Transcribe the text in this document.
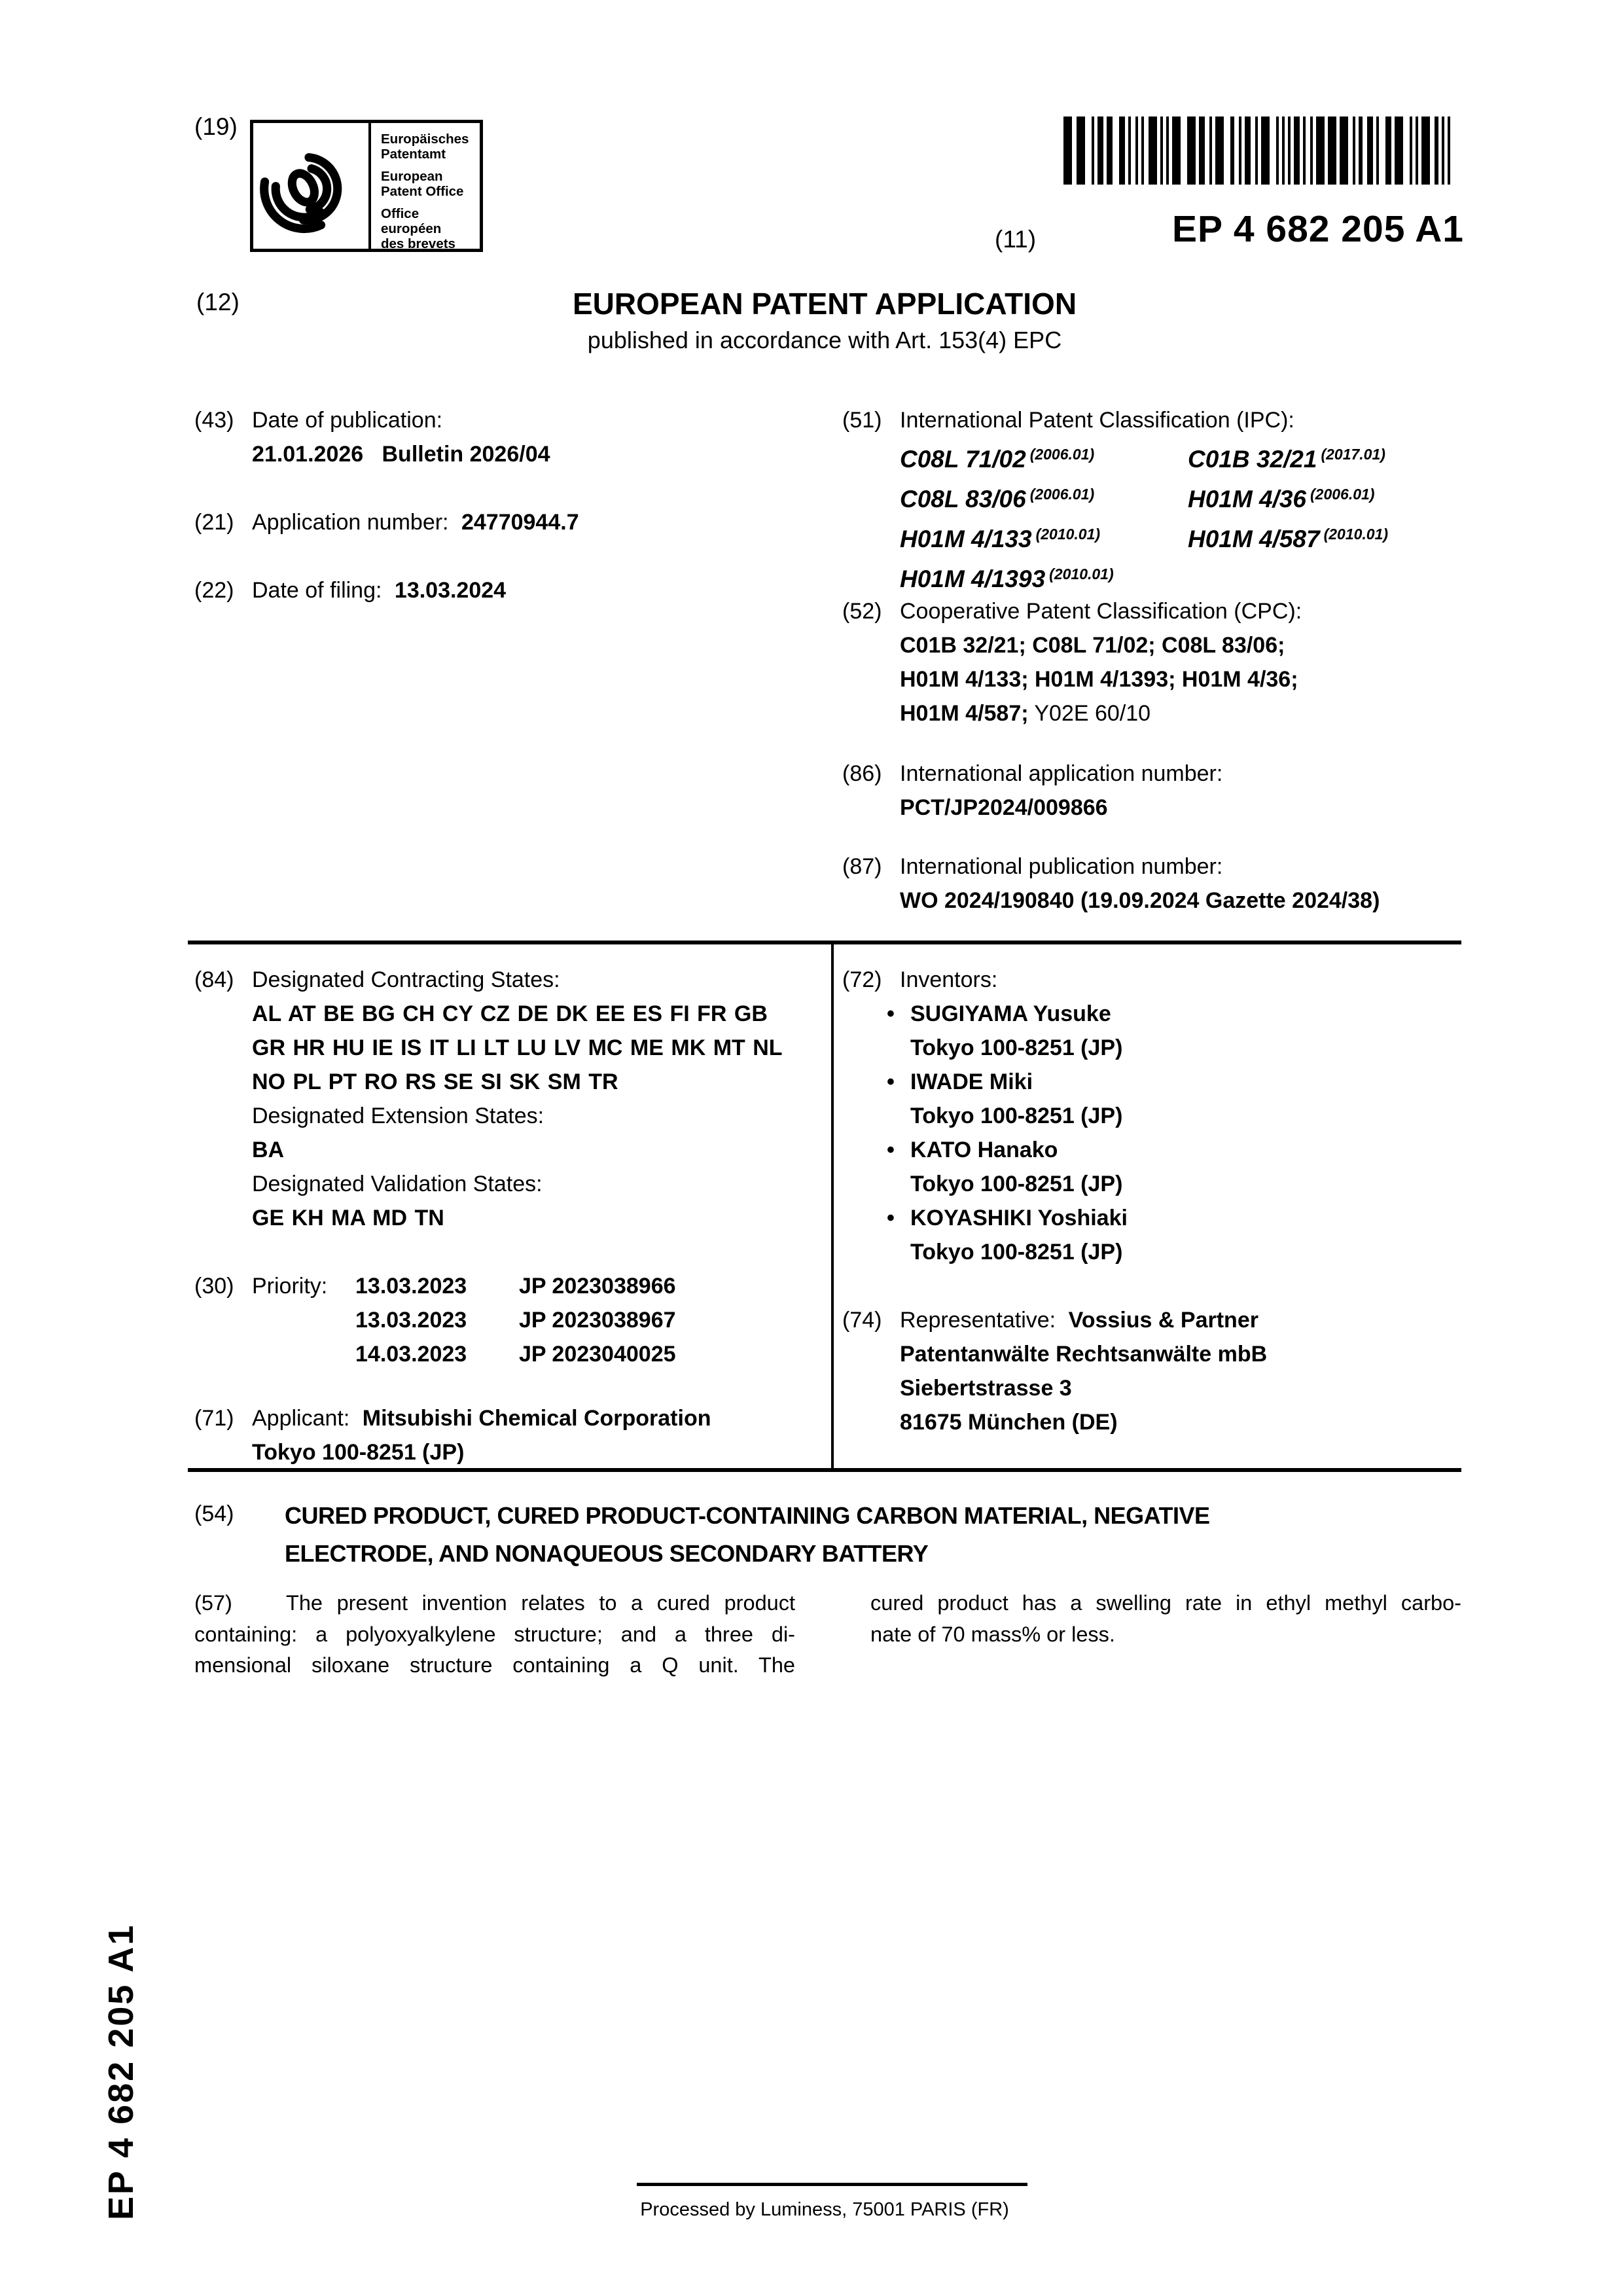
(19)	Europäisches
Patentamt
European
Patent Office
Office européen
des brevets	(11)	EP 4 682 205 A1
(12)	EUROPEAN PATENT APPLICATION
published in accordance with Art. 153(4) EPC
(43) Date of publication:
21.01.2026   Bulletin 2026/04
(21) Application number: 24770944.7
(22) Date of filing: 13.03.2024
(51) International Patent Classification (IPC):
C08L 71/02 $^{(2006.01)}$	C01B 32/21 $^{(2017.01)}$
C08L 83/06 $^{(2006.01)}$	H01M 4/36 $^{(2006.01)}$
H01M 4/133 $^{(2010.01)}$	H01M 4/587 $^{(2010.01)}$
H01M 4/1393 $^{(2010.01)}$
(52) Cooperative Patent Classification (CPC):
C01B 32/21; C08L 71/02; C08L 83/06;
H01M 4/133; H01M 4/1393; H01M 4/36;
H01M 4/587; Y02E 60/10
(86) International application number:
PCT/JP2024/009866
(87) International publication number:
WO 2024/190840 (19.09.2024 Gazette 2024/38)
(84) Designated Contracting States:
AL AT BE BG CH CY CZ DE DK EE ES FI FR GB
GR HR HU IE IS IT LI LT LU LV MC ME MK MT NL
NO PL PT RO RS SE SI SK SM TR
Designated Extension States:
BA
Designated Validation States:
GE KH MA MD TN
(30) Priority:	13.03.2023 JP 2023038966
13.03.2023 JP 2023038967
14.03.2023 JP 2023040025
(71) Applicant: Mitsubishi Chemical Corporation
Tokyo 100-8251 (JP)
(72) Inventors:
• SUGIYAMA Yusuke
Tokyo 100-8251 (JP)
• IWADE Miki
Tokyo 100-8251 (JP)
• KATO Hanako
Tokyo 100-8251 (JP)
• KOYASHIKI Yoshiaki
Tokyo 100-8251 (JP)
(74) Representative: Vossius & Partner
Patentanwälte Rechtsanwälte mbB
Siebertstrasse 3
81675 München (DE)
(54)	CURED PRODUCT, CURED PRODUCT-CONTAINING CARBON MATERIAL, NEGATIVE
ELECTRODE, AND NONAQUEOUS SECONDARY BATTERY
(57)	The present invention relates to a cured product
containing: a polyoxyalkylene structure; and a three di-
mensional siloxane structure containing a Q unit. The
cured product has a swelling rate in ethyl methyl carbo-
nate of 70 mass% or less.
EP 4 682 205 A1	Processed by Luminess, 75001 PARIS (FR)
